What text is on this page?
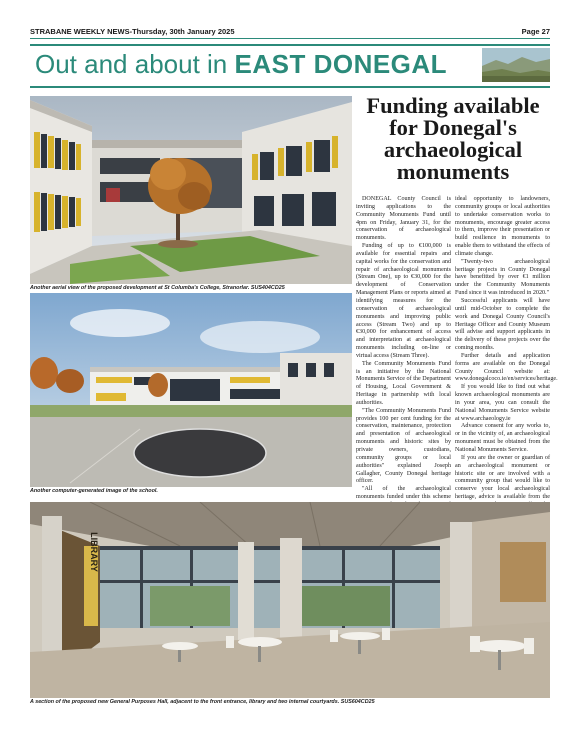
STRABANE WEEKLY NEWS-Thursday, 30th January 2025	Page 27
Out and about in EAST DONEGAL
Another aerial view of the proposed development at St Columba's College, Stranorlar. SUS404CD25
Another computer-generated image of the school.
Funding available for Donegal's archaeological monuments

DONEGAL County Council is inviting applications to the Community Monuments Fund until 4pm on Friday, January 31, for the conservation of archaeological monuments.

Funding of up to €100,000 is available for essential repairs and capital works for the conservation and repair of archaeological monuments (Stream One), up to €30,000 for the development of Conservation Management Plans or reports aimed at identifying measures for the conservation of archaeological monuments and improving public access (Stream Two) and up to €30,000 for enhancement of access and interpretation at archaeological monuments including on-line or virtual access (Stream Three).

The Community Monuments Fund is an initiative by the National Monuments Service of the Department of Housing, Local Government & Heritage in partnership with local authorities.

"The Community Monuments Fund provides 100 per cent funding for the conservation, maintenance, protection and presentation of archaeological monuments and historic sites by private owners, custodians, community groups or local authorities" explained Joseph Gallagher, County Donegal heritage officer.

"All of the archaeological monuments funded under this scheme

ideal opportunity to landowners, community groups or local authorities to undertake conservation works to monuments, encourage greater access to them, improve their presentation or build resilience in monuments to enable them to withstand the effects of climate change.

"Twenty-two archaeological heritage projects in County Donegal have benefitted by over €1 million under the Community Monuments Fund since it was introduced in 2020."

Successful applicants will have until mid-October to complete the work and Donegal County Council's Heritage Officer and County Museum will advise and support applicants in the delivery of these projects over the coming months.

Further details and application forms are available on the Donegal County Council website at: www.donegalcoco.ie/en/services/heritage.

If you would like to find out what known archaeological monuments are in your area, you can consult the National Monuments Service website at www.archaeology.ie

Advance consent for any works to, or in the vicinity of, an archaeological monument must be obtained from the National Monuments Service.

If you are the owner or guardian of an archaeological monument or historic site or are involved with a community group that would like to conserve your local archaeological heritage, advice is available from the

LIBRARY
A section of the proposed new General Purposes Hall, adjacent to the front entrance, library and two internal courtyards. SUS604CD25
